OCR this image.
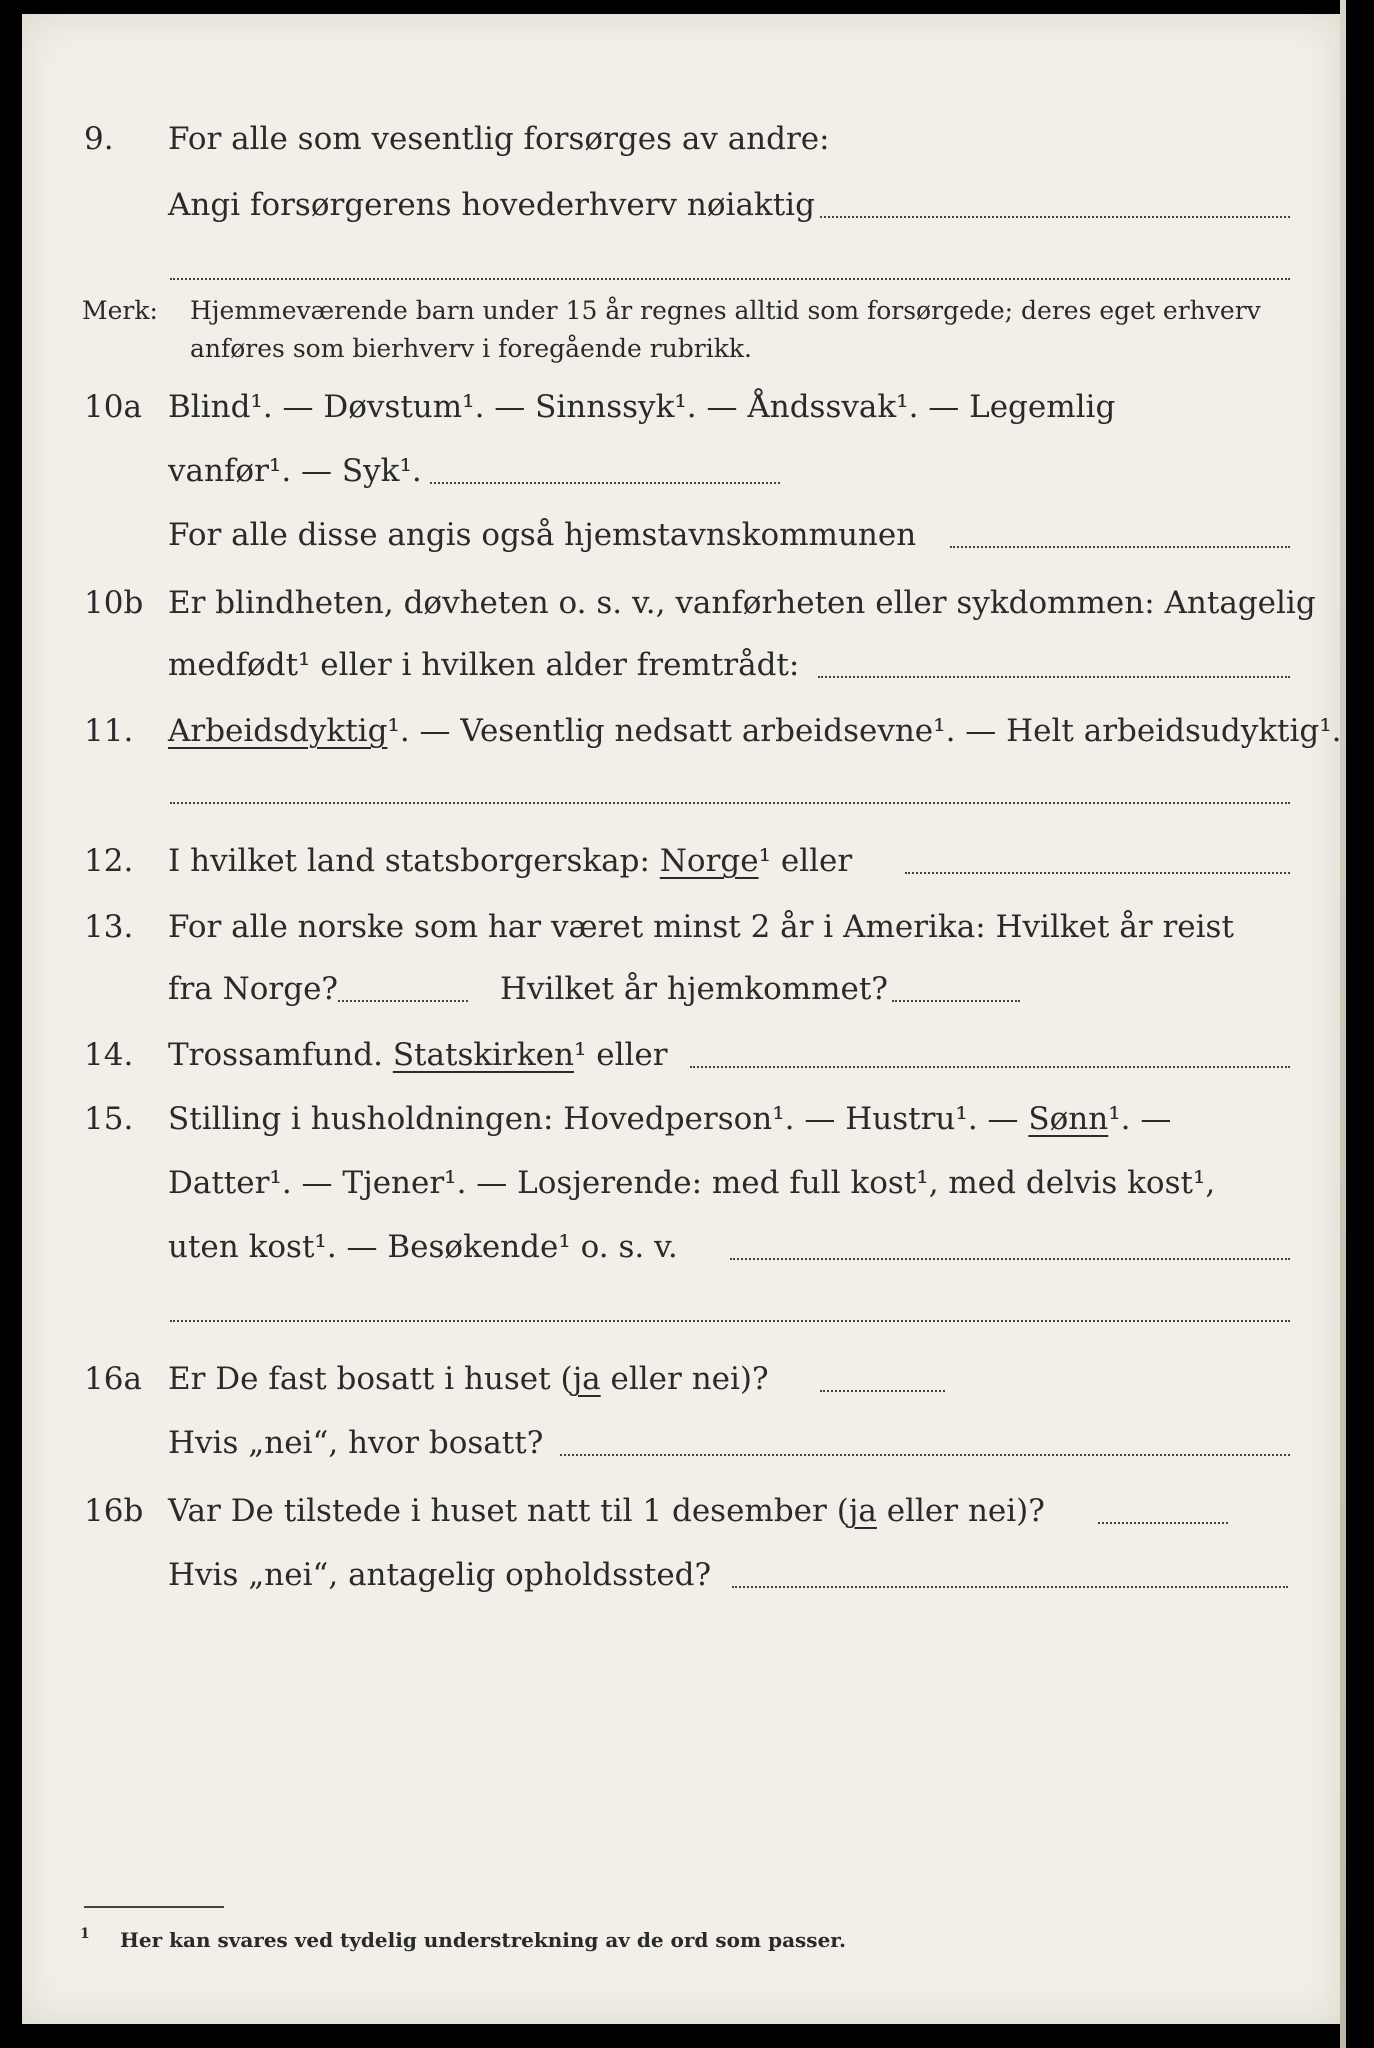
9. For alle som vesentlig forsørges av andre:
Angi forsørgerens hovederhverv nøiaktig
Merk: Hjemmeværende barn under 15 år regnes alltid som forsørgede; deres eget erhverv
anføres som bierhverv i foregående rubrikk.
10a Blind¹. — Døvstum¹. — Sinnssyk¹. — Åndssvak¹. — Legemlig
vanfør¹. — Syk¹.
For alle disse angis også hjemstavnskommunen
10b Er blindheten, døvheten o. s. v., vanførheten eller sykdommen: Antagelig
medfødt¹ eller i hvilken alder fremtrådt:
11. Arbeidsdyktig¹. — Vesentlig nedsatt arbeidsevne¹. — Helt arbeidsudyktig¹.
12. I hvilket land statsborgerskap: Norge¹ eller
13. For alle norske som har været minst 2 år i Amerika: Hvilket år reist
fra Norge?	Hvilket år hjemkommet?
14. Trossamfund. Statskirken¹ eller
15. Stilling i husholdningen: Hovedperson¹. — Hustru¹. — Sønn¹. —
Datter¹. — Tjener¹. — Losjerende: med full kost¹, med delvis kost¹,
uten kost¹. — Besøkende¹ o. s. v.
16a Er De fast bosatt i huset (ja eller nei)?
Hvis „nei“, hvor bosatt?
16b Var De tilstede i huset natt til 1 desember (ja eller nei)?
Hvis „nei“, antagelig opholdssted?
1 Her kan svares ved tydelig understrekning av de ord som passer.
